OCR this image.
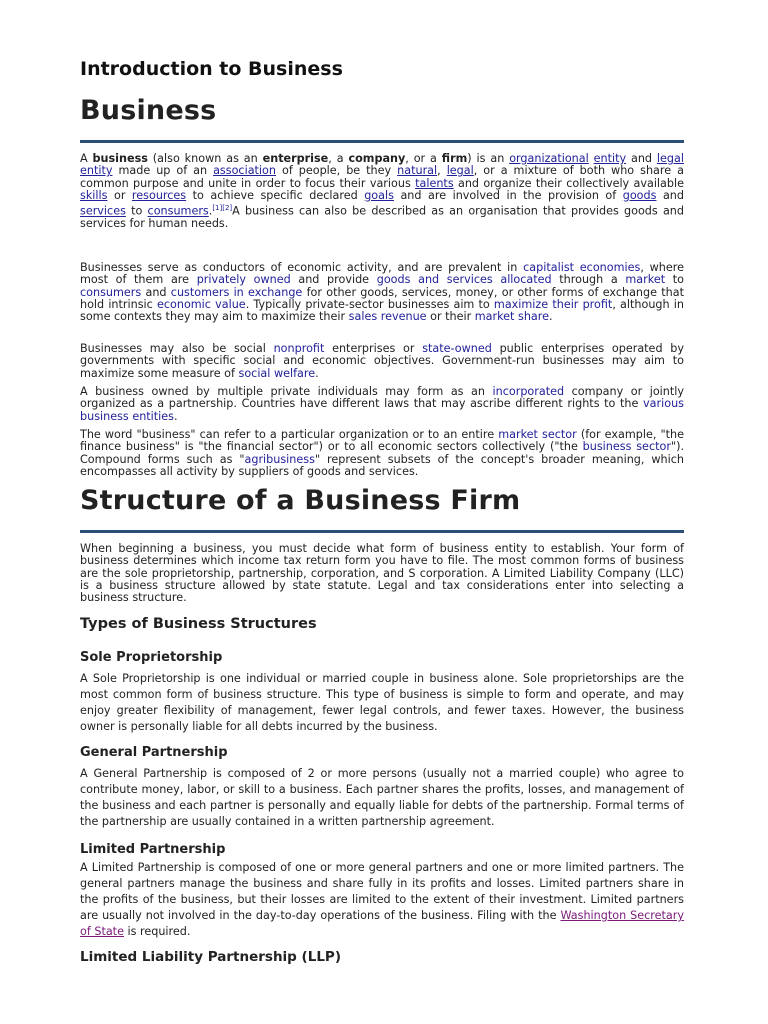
Introduction to Business
Business
A business (also known as an enterprise, a company, or a firm) is an organizational entity and legal entity made up of an association of people, be they natural, legal, or a mixture of both who share a common purpose and unite in order to focus their various talents and organize their collectively available skills or resources to achieve specific declared goals and are involved in the provision of goods and services to consumers.[1][2]A business can also be described as an organisation that provides goods and services for human needs.
Businesses serve as conductors of economic activity, and are prevalent in capitalist economies, where most of them are privately owned and provide goods and services allocated through a market to consumers and customers in exchange for other goods, services, money, or other forms of exchange that hold intrinsic economic value. Typically private-sector businesses aim to maximize their profit, although in some contexts they may aim to maximize their sales revenue or their market share.
Businesses may also be social nonprofit enterprises or state-owned public enterprises operated by governments with specific social and economic objectives. Government-run businesses may aim to maximize some measure of social welfare.
A business owned by multiple private individuals may form as an incorporated company or jointly organized as a partnership. Countries have different laws that may ascribe different rights to the various business entities.
The word "business" can refer to a particular organization or to an entire market sector (for example, "the finance business" is "the financial sector") or to all economic sectors collectively ("the business sector"). Compound forms such as "agribusiness" represent subsets of the concept's broader meaning, which encompasses all activity by suppliers of goods and services.
Structure of a Business Firm
When beginning a business, you must decide what form of business entity to establish. Your form of business determines which income tax return form you have to file. The most common forms of business are the sole proprietorship, partnership, corporation, and S corporation. A Limited Liability Company (LLC) is a business structure allowed by state statute. Legal and tax considerations enter into selecting a business structure.
Types of Business Structures
Sole Proprietorship
A Sole Proprietorship is one individual or married couple in business alone. Sole proprietorships are the most common form of business structure. This type of business is simple to form and operate, and may enjoy greater flexibility of management, fewer legal controls, and fewer taxes. However, the business owner is personally liable for all debts incurred by the business.
General Partnership
A General Partnership is composed of 2 or more persons (usually not a married couple) who agree to contribute money, labor, or skill to a business. Each partner shares the profits, losses, and management of the business and each partner is personally and equally liable for debts of the partnership. Formal terms of the partnership are usually contained in a written partnership agreement.
Limited Partnership
A Limited Partnership is composed of one or more general partners and one or more limited partners. The general partners manage the business and share fully in its profits and losses. Limited partners share in the profits of the business, but their losses are limited to the extent of their investment. Limited partners are usually not involved in the day-to-day operations of the business. Filing with the Washington Secretary of State is required.
Limited Liability Partnership (LLP)
